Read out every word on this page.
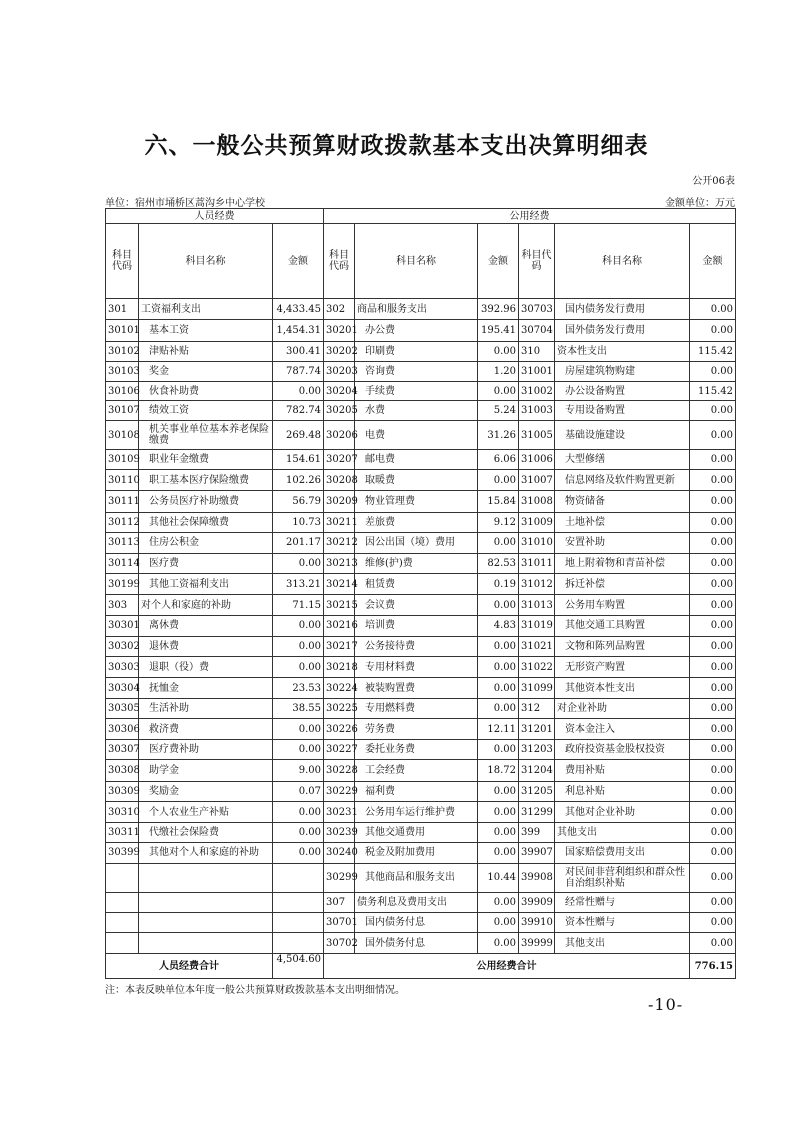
六、一般公共预算财政拨款基本支出决算明细表
公开06表
单位：宿州市埇桥区蒿沟乡中心学校	金额单位：万元
人员经费			公用经费					
科目代码	科目名称	金额	科目代码	科目名称	金额	科目代码	科目名称	金额
301	工资福利支出	4,433.45	302	商品和服务支出	392.96	30703	国内债务发行费用	0.00
30101	基本工资	1,454.31	30201	办公费	195.41	30704	国外债务发行费用	0.00
30102	津贴补贴	300.41	30202	印刷费	0.00	310	资本性支出	115.42
30103	奖金	787.74	30203	咨询费	1.20	31001	房屋建筑物购建	0.00
30106	伙食补助费	0.00	30204	手续费	0.00	31002	办公设备购置	115.42
30107	绩效工资	782.74	30205	水费	5.24	31003	专用设备购置	0.00
30108	机关事业单位基本养老保险缴费	269.48	30206	电费	31.26	31005	基础设施建设	0.00
30109	职业年金缴费	154.61	30207	邮电费	6.06	31006	大型修缮	0.00
30110	职工基本医疗保险缴费	102.26	30208	取暖费	0.00	31007	信息网络及软件购置更新	0.00
30111	公务员医疗补助缴费	56.79	30209	物业管理费	15.84	31008	物资储备	0.00
30112	其他社会保障缴费	10.73	30211	差旅费	9.12	31009	土地补偿	0.00
30113	住房公积金	201.17	30212	因公出国（境）费用	0.00	31010	安置补助	0.00
30114	医疗费	0.00	30213	维修(护)费	82.53	31011	地上附着物和青苗补偿	0.00
30199	其他工资福利支出	313.21	30214	租赁费	0.19	31012	拆迁补偿	0.00
303	对个人和家庭的补助	71.15	30215	会议费	0.00	31013	公务用车购置	0.00
30301	离休费	0.00	30216	培训费	4.83	31019	其他交通工具购置	0.00
30302	退休费	0.00	30217	公务接待费	0.00	31021	文物和陈列品购置	0.00
30303	退职（役）费	0.00	30218	专用材料费	0.00	31022	无形资产购置	0.00
30304	抚恤金	23.53	30224	被装购置费	0.00	31099	其他资本性支出	0.00
30305	生活补助	38.55	30225	专用燃料费	0.00	312	对企业补助	0.00
30306	救济费	0.00	30226	劳务费	12.11	31201	资本金注入	0.00
30307	医疗费补助	0.00	30227	委托业务费	0.00	31203	政府投资基金股权投资	0.00
30308	助学金	9.00	30228	工会经费	18.72	31204	费用补贴	0.00
30309	奖励金	0.07	30229	福利费	0.00	31205	利息补贴	0.00
30310	个人农业生产补贴	0.00	30231	公务用车运行维护费	0.00	31299	其他对企业补助	0.00
30311	代缴社会保险费	0.00	30239	其他交通费用	0.00	399	其他支出	0.00
30399	其他对个人和家庭的补助	0.00	30240	税金及附加费用	0.00	39907	国家赔偿费用支出	0.00
			30299	其他商品和服务支出	10.44	39908	对民间非营利组织和群众性自治组织补贴	0.00
			307	债务利息及费用支出	0.00	39909	经常性赠与	0.00
			30701	国内债务付息	0.00	39910	资本性赠与	0.00
			30702	国外债务付息	0.00	39999	其他支出	0.00
人员经费合计		4,504.60	公用经费合计					776.15
注：本表反映单位本年度一般公共预算财政拨款基本支出明细情况。
-10-
